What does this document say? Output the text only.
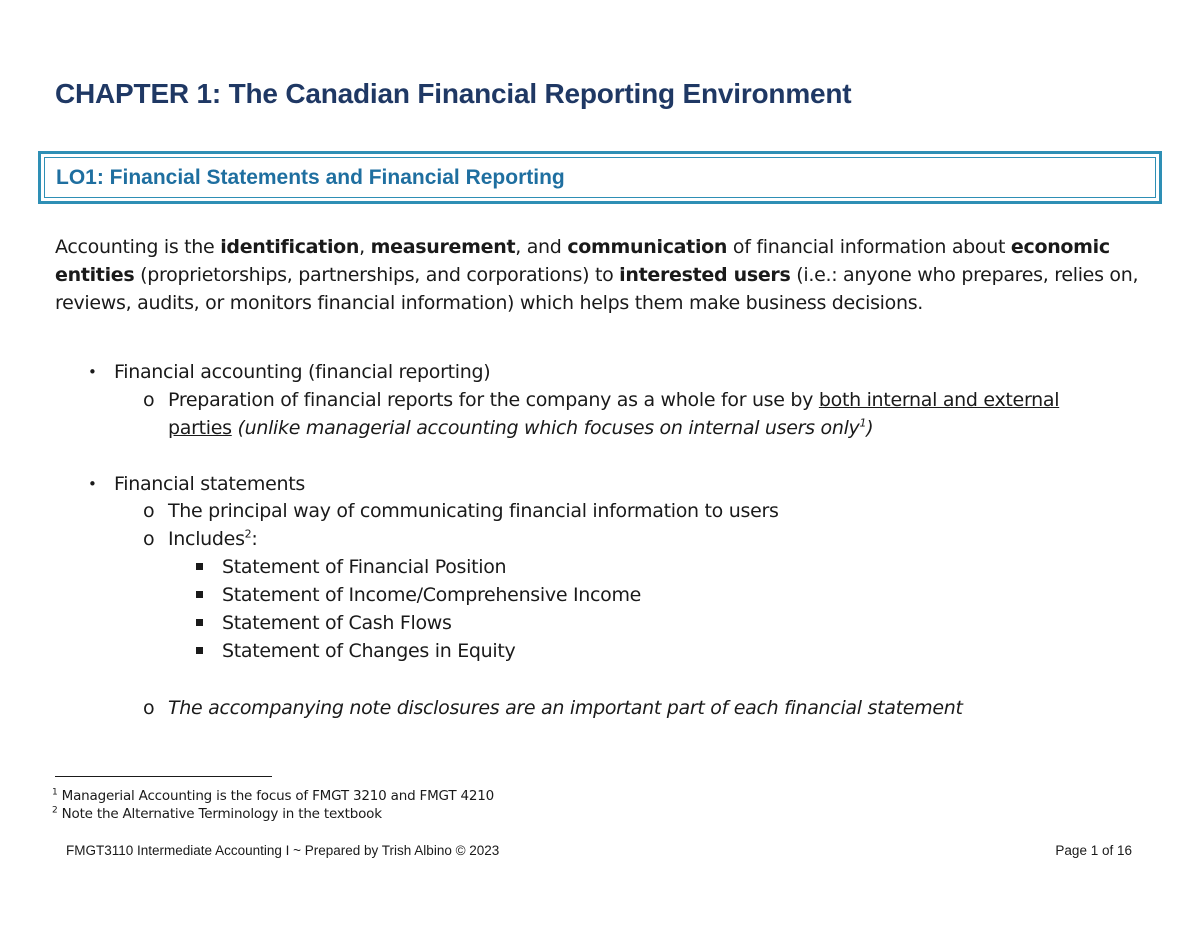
CHAPTER 1: The Canadian Financial Reporting Environment
LO1: Financial Statements and Financial Reporting
Accounting is the identification, measurement, and communication of financial information about economic entities (proprietorships, partnerships, and corporations) to interested users (i.e.: anyone who prepares, relies on, reviews, audits, or monitors financial information) which helps them make business decisions.
• Financial accounting (financial reporting)
o Preparation of financial reports for the company as a whole for use by both internal and external parties (unlike managerial accounting which focuses on internal users only$^1$)
• Financial statements
o The principal way of communicating financial information to users
o Includes$^2$:
Statement of Financial Position
Statement of Income/Comprehensive Income
Statement of Cash Flows
Statement of Changes in Equity
o The accompanying note disclosures are an important part of each financial statement
$^1$ Managerial Accounting is the focus of FMGT 3210 and FMGT 4210
$^2$ Note the Alternative Terminology in the textbook
FMGT3110 Intermediate Accounting I ~ Prepared by Trish Albino © 2023	Page 1 of 16
